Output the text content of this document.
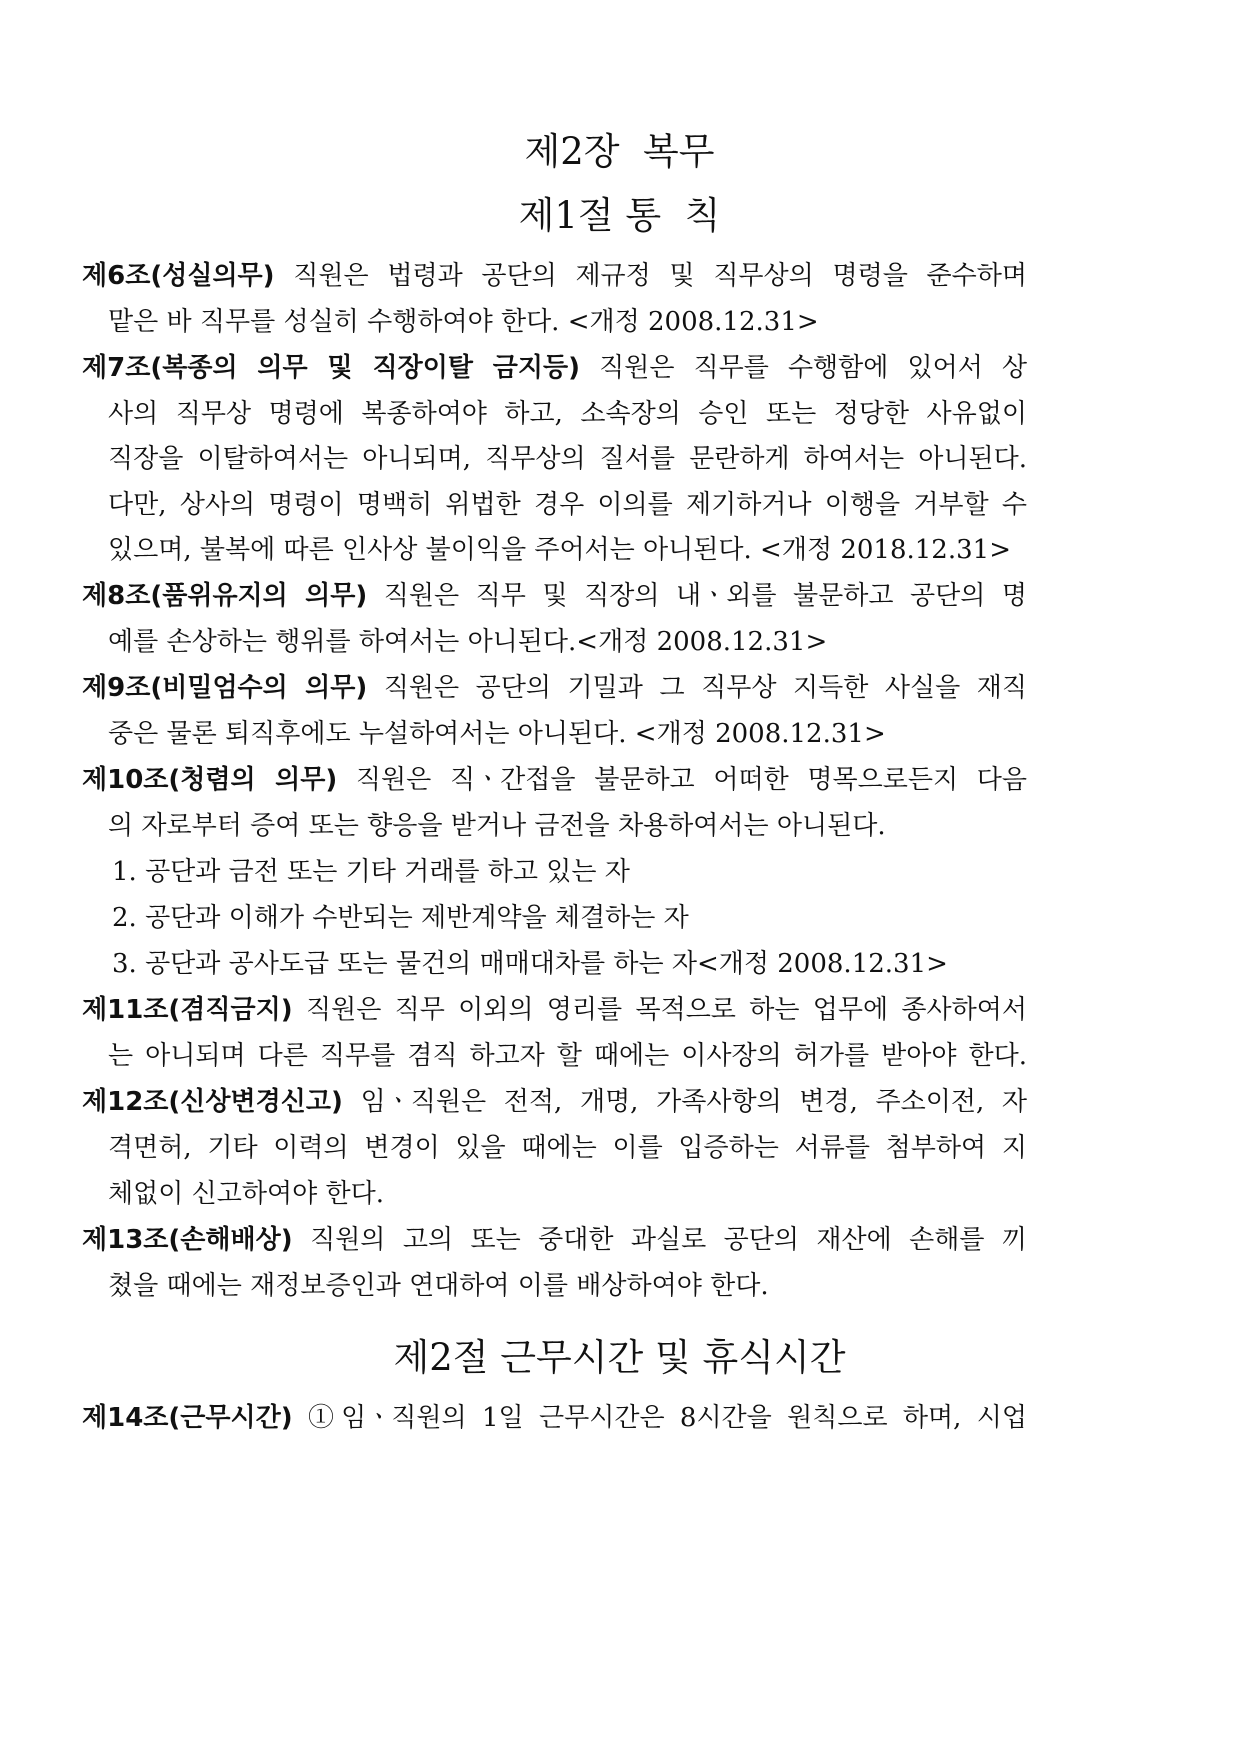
제2장  복무
제1절 통  칙
제6조(성실의무) 직원은 법령과 공단의 제규정 및 직무상의 명령을 준수하며
맡은 바 직무를 성실히 수행하여야 한다. <개정 2008.12.31>
제7조(복종의 의무 및 직장이탈 금지등) 직원은 직무를 수행함에 있어서 상
사의 직무상 명령에 복종하여야 하고, 소속장의 승인 또는 정당한 사유없이
직장을 이탈하여서는 아니되며, 직무상의 질서를 문란하게 하여서는 아니된다.
다만, 상사의 명령이 명백히 위법한 경우 이의를 제기하거나 이행을 거부할 수
있으며, 불복에 따른 인사상 불이익을 주어서는 아니된다. <개정 2018.12.31>
제8조(품위유지의 의무) 직원은 직무 및 직장의 내ㆍ외를 불문하고 공단의 명
예를 손상하는 행위를 하여서는 아니된다.<개정 2008.12.31>
제9조(비밀엄수의 의무) 직원은 공단의 기밀과 그 직무상 지득한 사실을 재직
중은 물론 퇴직후에도 누설하여서는 아니된다. <개정 2008.12.31>
제10조(청렴의 의무) 직원은 직ㆍ간접을 불문하고 어떠한 명목으로든지 다음
의 자로부터 증여 또는 향응을 받거나 금전을 차용하여서는 아니된다.
1. 공단과 금전 또는 기타 거래를 하고 있는 자
2. 공단과 이해가 수반되는 제반계약을 체결하는 자
3. 공단과 공사도급 또는 물건의 매매대차를 하는 자<개정 2008.12.31>
제11조(겸직금지) 직원은 직무 이외의 영리를 목적으로 하는 업무에 종사하여서
는 아니되며 다른 직무를 겸직 하고자 할 때에는 이사장의 허가를 받아야 한다.
제12조(신상변경신고) 임ㆍ직원은 전적, 개명, 가족사항의 변경, 주소이전, 자
격면허, 기타 이력의 변경이 있을 때에는 이를 입증하는 서류를 첨부하여 지
체없이 신고하여야 한다.
제13조(손해배상) 직원의 고의 또는 중대한 과실로 공단의 재산에 손해를 끼
쳤을 때에는 재정보증인과 연대하여 이를 배상하여야 한다.
제2절 근무시간 및 휴식시간
제14조(근무시간) ①임ㆍ직원의 1일 근무시간은 8시간을 원칙으로 하며, 시업
